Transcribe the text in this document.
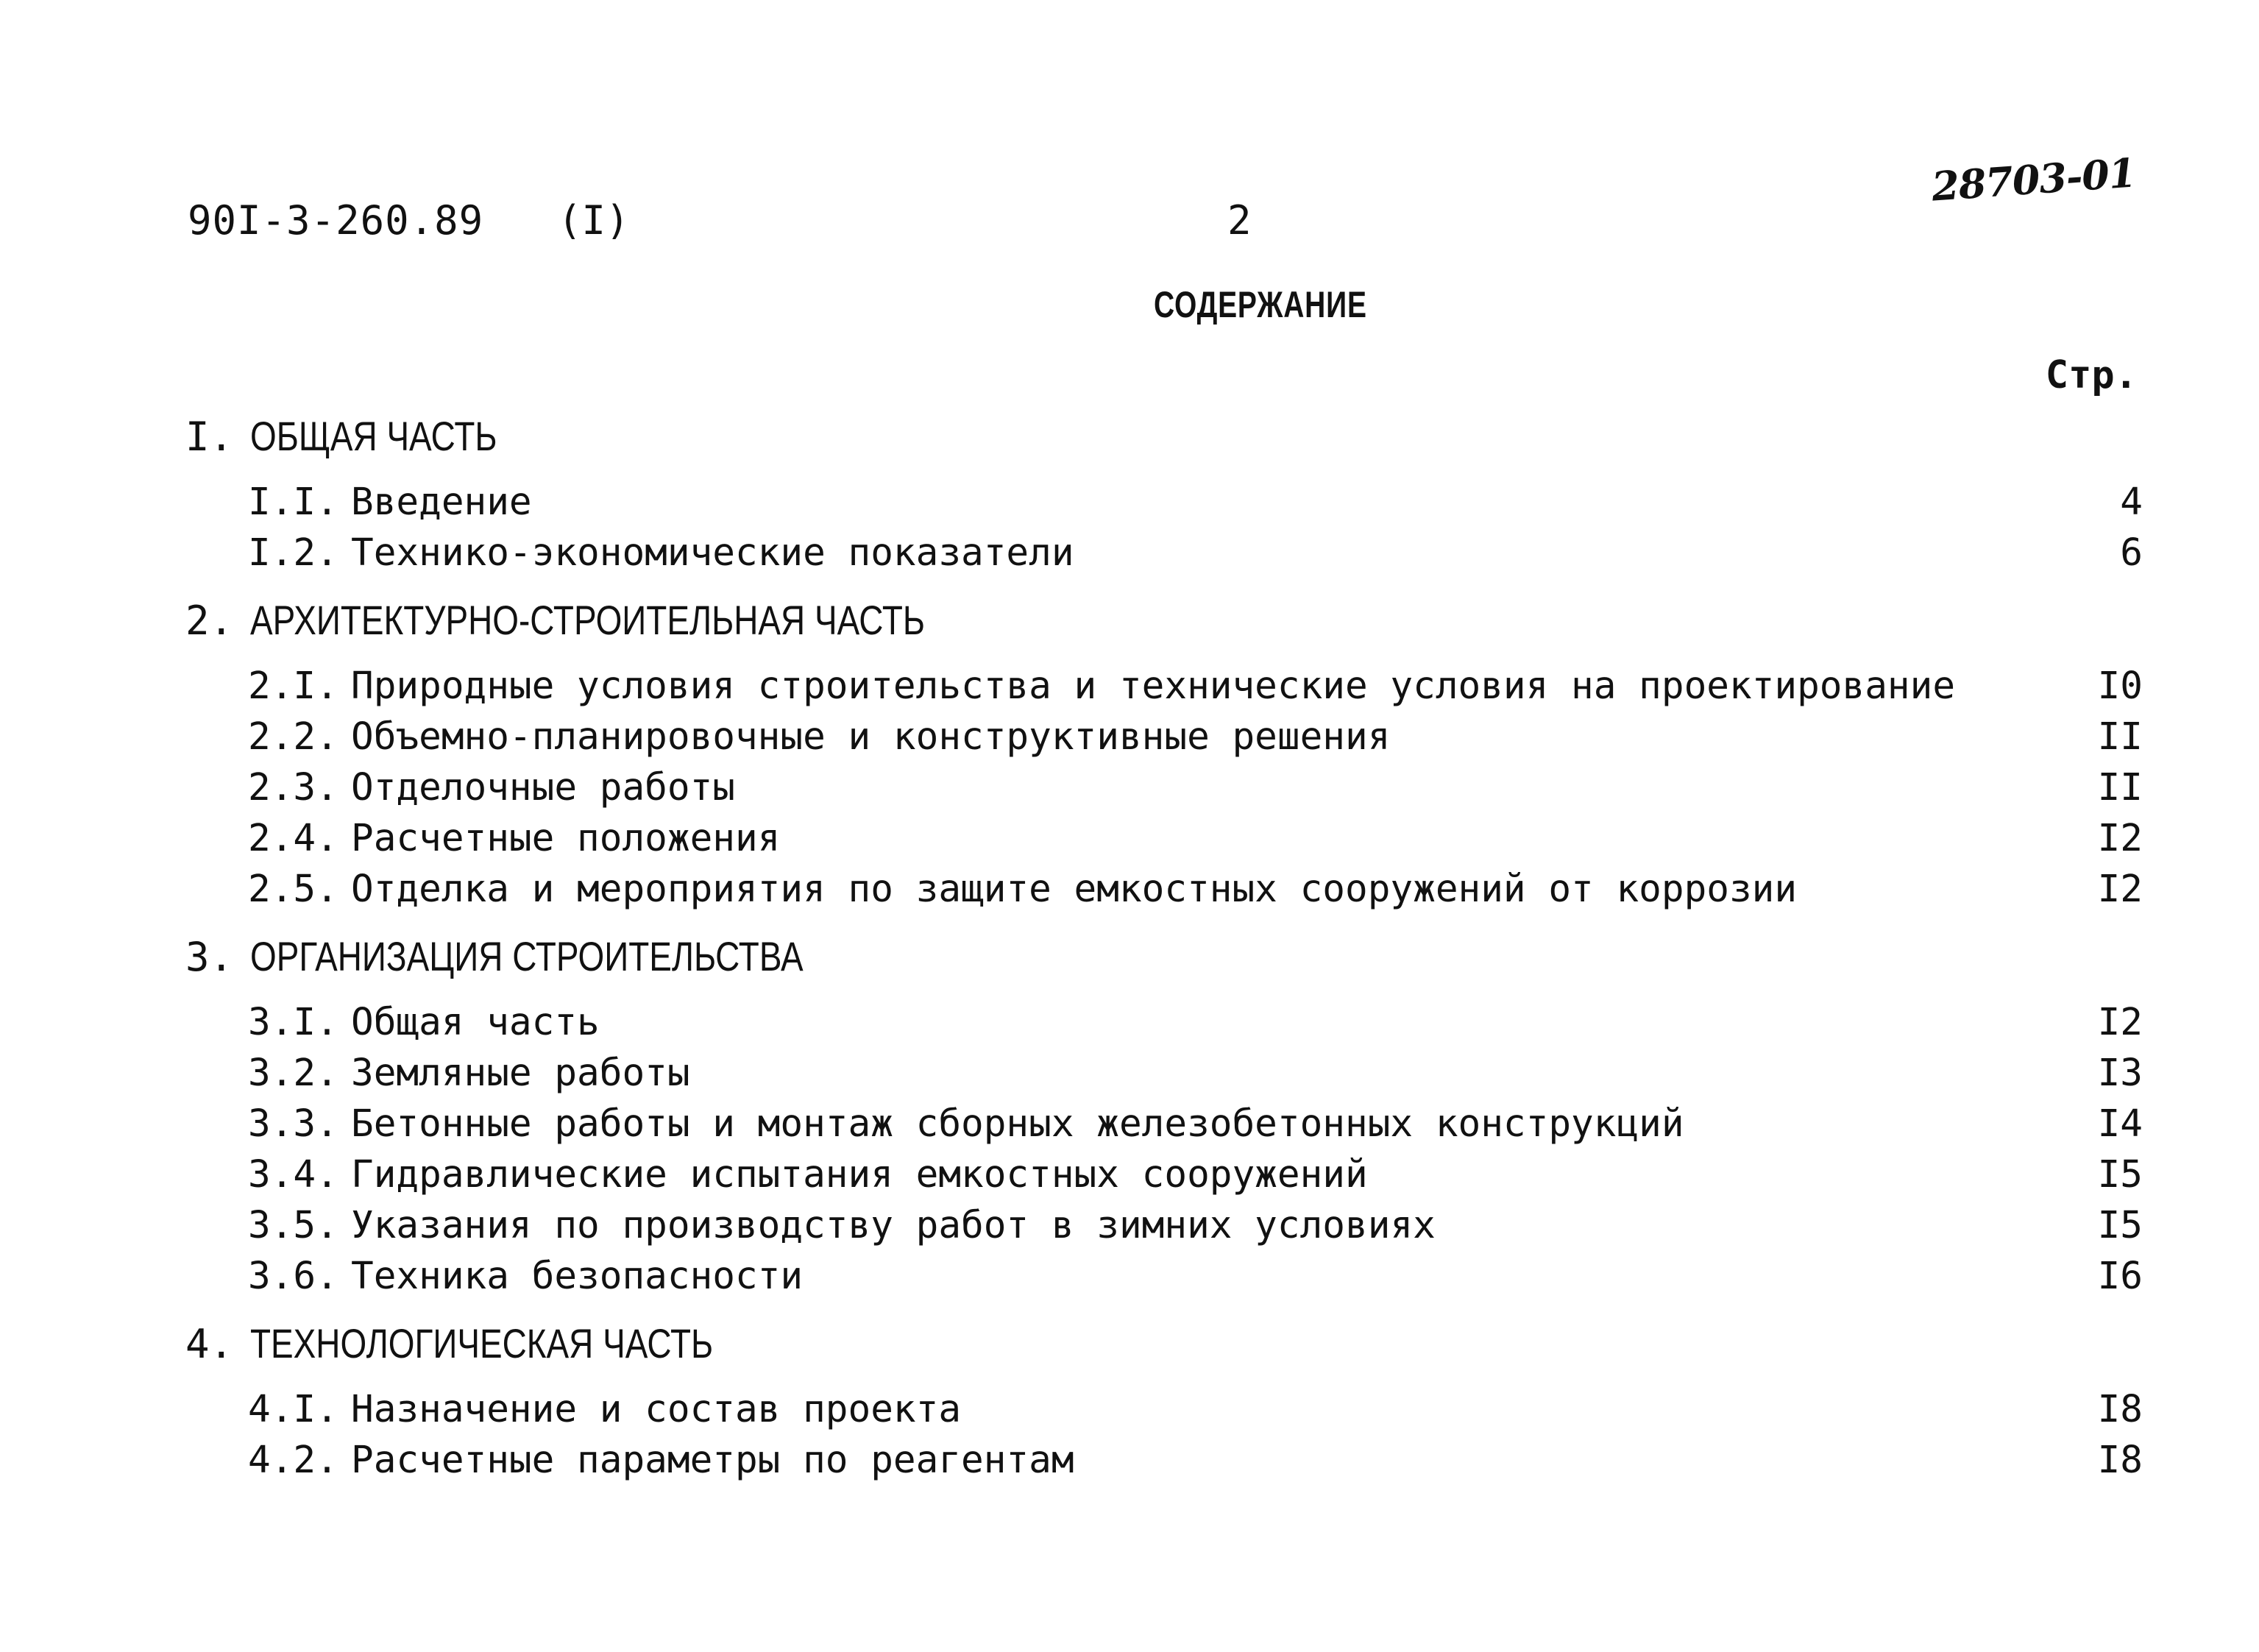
90I-3-260.89 (I)	2
28703-01
СОДЕРЖАНИЕ
Стр.
I. ОБЩАЯ ЧАСТЬ
I.I. Введение	4
I.2. Технико-экономические показатели	6
2. АРХИТЕКТУРНО-СТРОИТЕЛЬНАЯ ЧАСТЬ
2.I. Природные условия строительства и технические условия на проектирование	I0
2.2. Объемно-планировочные и конструктивные решения	II
2.3. Отделочные работы	II
2.4. Расчетные положения	I2
2.5. Отделка и мероприятия по защите емкостных сооружений от коррозии	I2
3. ОРГАНИЗАЦИЯ СТРОИТЕЛЬСТВА
3.I. Общая часть	I2
3.2. Земляные работы	I3
3.3. Бетонные работы и монтаж сборных железобетонных конструкций	I4
3.4. Гидравлические испытания емкостных сооружений	I5
3.5. Указания по производству работ в зимних условиях	I5
3.6. Техника безопасности	I6
4. ТЕХНОЛОГИЧЕСКАЯ ЧАСТЬ
4.I. Назначение и состав проекта	I8
4.2. Расчетные параметры по реагентам	I8
